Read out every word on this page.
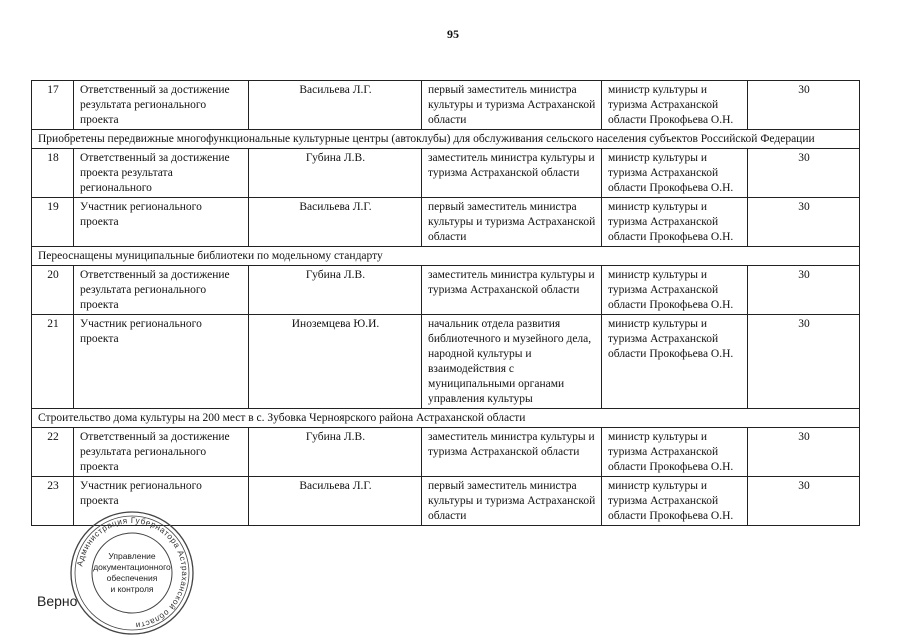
95
17	Ответственный за достижение результата регионального проекта	Васильева Л.Г.	первый заместитель министра культуры и туризма Астраханской области	министр культуры и туризма Астраханской области Прокофьева О.Н.	30
Приобретены передвижные многофункциональные культурные центры (автоклубы) для обслуживания сельского населения субъектов Российской Федерации					
18	Ответственный за достижение проекта результата регионального	Губина Л.В.	заместитель министра культуры и туризма Астраханской области	министр культуры и туризма Астраханской области Прокофьева О.Н.	30
19	Участник регионального проекта	Васильева Л.Г.	первый заместитель министра культуры и туризма Астраханской области	министр культуры и туризма Астраханской области Прокофьева О.Н.	30
Переоснащены муниципальные библиотеки по модельному стандарту					
20	Ответственный за достижение результата регионального проекта	Губина Л.В.	заместитель министра культуры и туризма Астраханской области	министр культуры и туризма Астраханской области Прокофьева О.Н.	30
21	Участник регионального проекта	Иноземцева Ю.И.	начальник отдела развития библиотечного и музейного дела, народной культуры и взаимодействия с муниципальными органами управления культуры	министр культуры и туризма Астраханской области Прокофьева О.Н.	30
Строительство дома культуры на 200 мест в с. Зубовка Черноярского района Астраханской области					
22	Ответственный за достижение результата регионального проекта	Губина Л.В.	заместитель министра культуры и туризма Астраханской области	министр культуры и туризма Астраханской области Прокофьева О.Н.	30
23	Участник регионального проекта	Васильева Л.Г.	первый заместитель министра культуры и туризма Астраханской области	министр культуры и туризма Астраханской области Прокофьева О.Н.	30
Администрация Губернатора Астраханской области
Управление
документационного
обеспечения
и контроля
Верно
